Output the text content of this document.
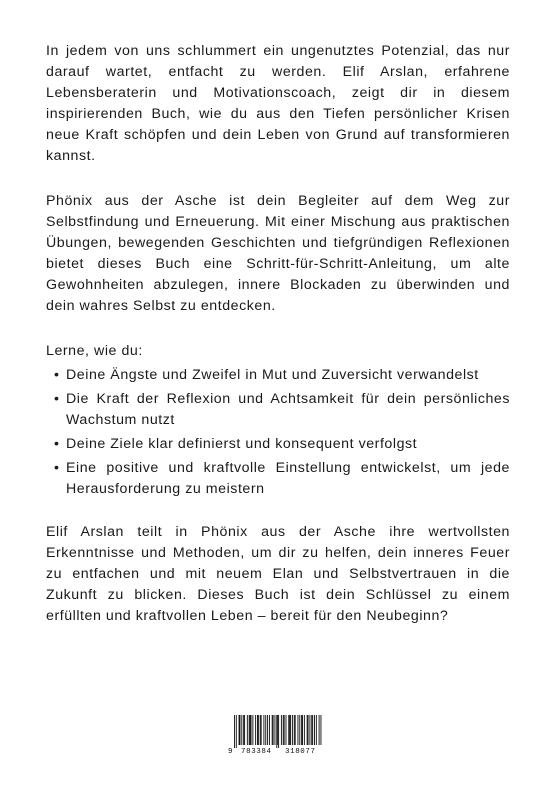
In jedem von uns schlummert ein ungenutztes Potenzial, das nur darauf wartet, entfacht zu werden. Elif Arslan, erfahrene Lebensberaterin und Motivationscoach, zeigt dir in diesem inspirierenden Buch, wie du aus den Tiefen persönlicher Krisen neue Kraft schöpfen und dein Leben von Grund auf transformieren kannst.

Phönix aus der Asche ist dein Begleiter auf dem Weg zur Selbstfindung und Erneuerung. Mit einer Mischung aus praktischen Übungen, bewegenden Geschichten und tiefgründigen Reflexionen bietet dieses Buch eine Schritt-für-Schritt-Anleitung, um alte Gewohnheiten abzulegen, innere Blockaden zu überwinden und dein wahres Selbst zu entdecken.

Lerne, wie du:

• Deine Ängste und Zweifel in Mut und Zuversicht verwandelst
• Die Kraft der Reflexion und Achtsamkeit für dein persönliches Wachstum nutzt
• Deine Ziele klar definierst und konsequent verfolgst
• Eine positive und kraftvolle Einstellung entwickelst, um jede Herausforderung zu meistern

Elif Arslan teilt in Phönix aus der Asche ihre wertvollsten Erkenntnisse und Methoden, um dir zu helfen, dein inneres Feuer zu entfachen und mit neuem Elan und Selbstvertrauen in die Zukunft zu blicken. Dieses Buch ist dein Schlüssel zu einem erfüllten und kraftvollen Leben – bereit für den Neubeginn?

9 783384 318077
